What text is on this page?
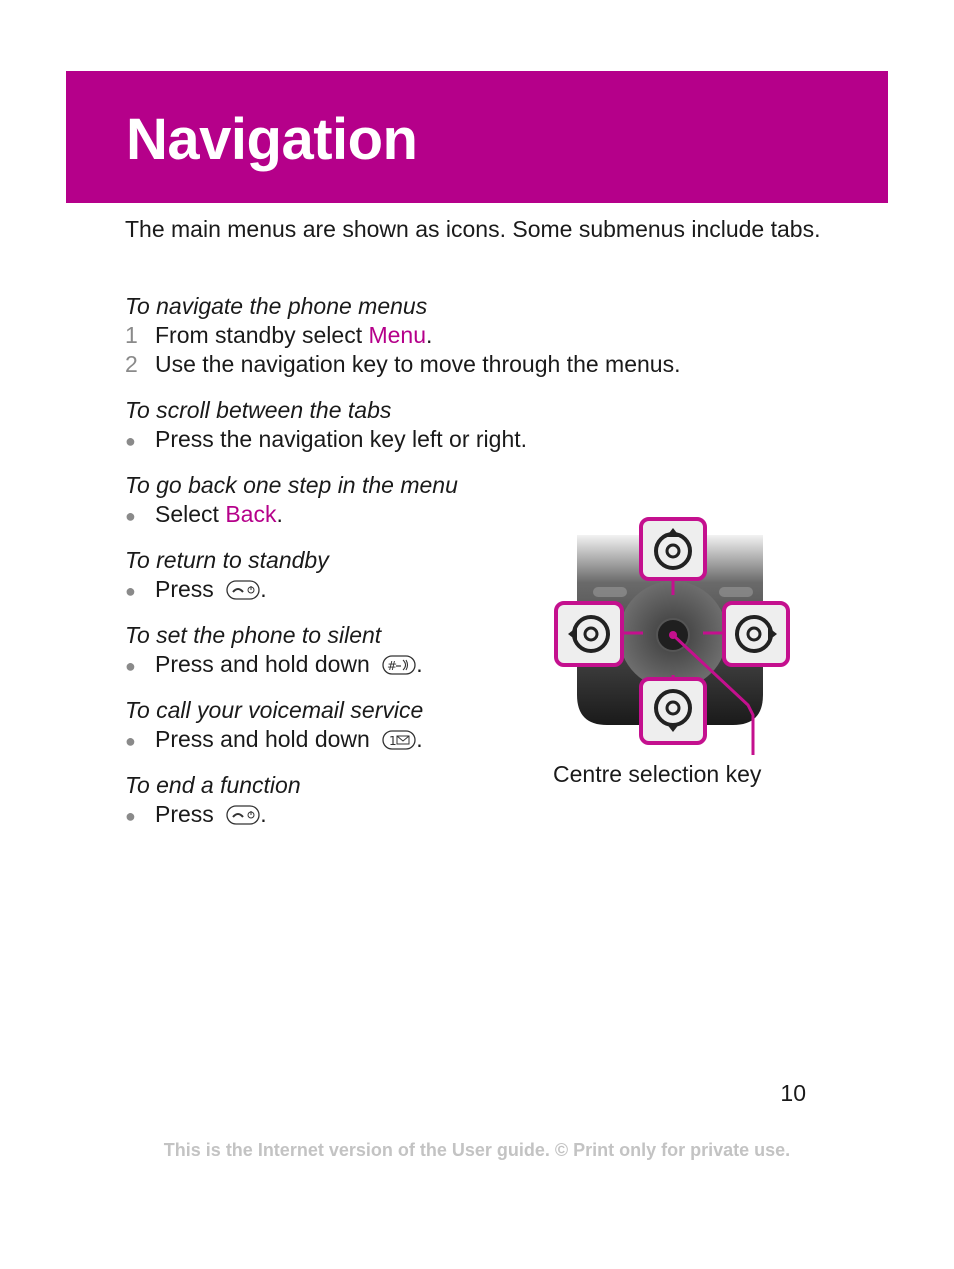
Navigation

The main menus are shown as icons. Some submenus include tabs.

To navigate the phone menus
1 From standby select Menu.
2 Use the navigation key to move through the menus.
To scroll between the tabs
● Press the navigation key left or right.
To go back one step in the menu
● Select Back.
To return to standby
● Press .
To set the phone to silent
● Press and hold down # .
To call your voicemail service
● Press and hold down 1 .
To end a function
● Press .
Centre selection key
10
This is the Internet version of the User guide. © Print only for private use.
